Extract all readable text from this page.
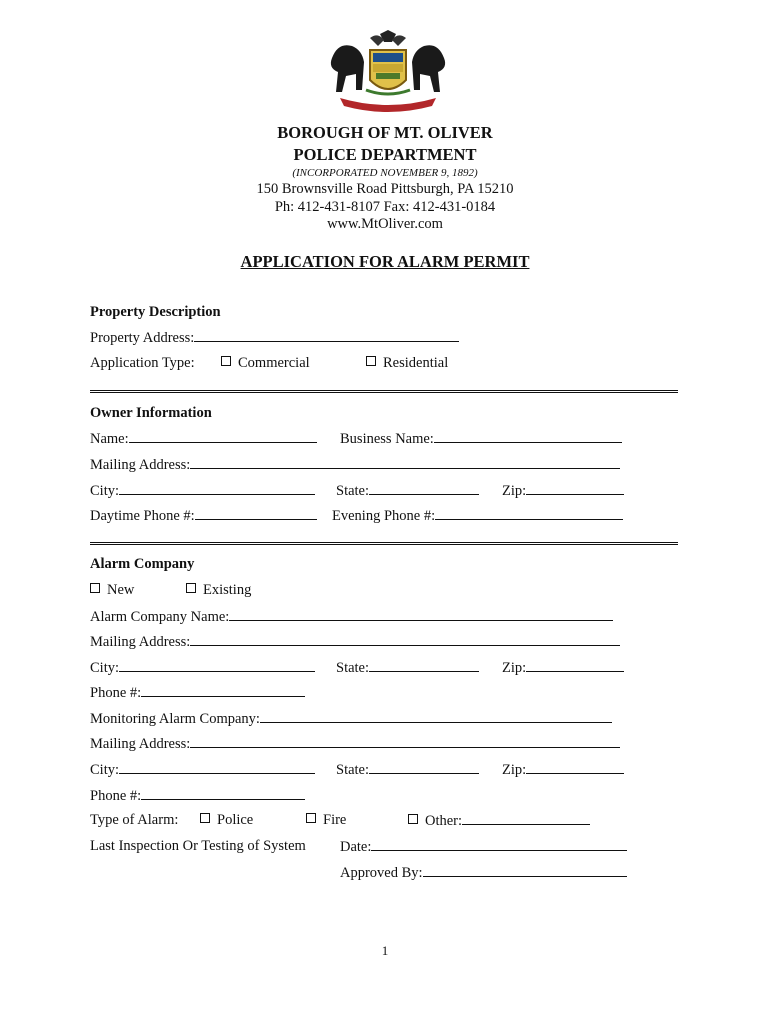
BOROUGH OF MT. OLIVER
POLICE DEPARTMENT
(INCORPORATED NOVEMBER 9, 1892)
150 Brownsville Road Pittsburgh, PA 15210
Ph: 412-431-8107 Fax: 412-431-0184
www.MtOliver.com
APPLICATION FOR ALARM PERMIT
Property Description
Property Address:
Application Type:	Commercial	Residential
Owner Information
Name:	Business Name:
Mailing Address:
City:	State:	Zip:
Daytime Phone #:	Evening Phone #:
Alarm Company
New	Existing
Alarm Company Name:
Mailing Address:
City:	State:	Zip:
Phone #:
Monitoring Alarm Company:
Mailing Address:
City:	State:	Zip:
Phone #:
Type of Alarm:	Police	Fire	Other:
Last Inspection Or Testing of System Date:
Approved By:
1
